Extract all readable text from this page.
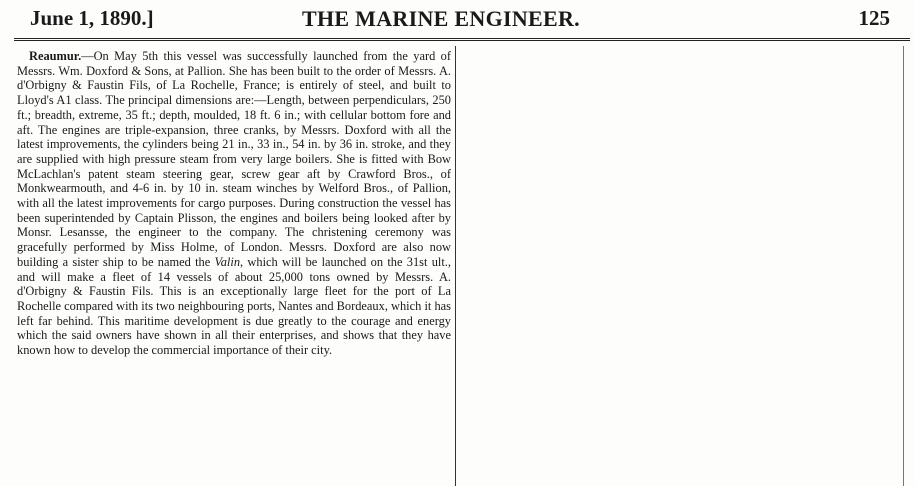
June 1, 1890.]	THE MARINE ENGINEER.	125

Reaumur.—On May 5th this vessel was successfully launched from the yard of Messrs. Wm. Doxford & Sons, at Pallion. She has been built to the order of Messrs. A. d'Orbigny & Faustin Fils, of La Rochelle, France; is entirely of steel, and built to Lloyd's A1 class. The principal dimensions are:—Length, between perpendiculars, 250 ft.; breadth, extreme, 35 ft.; depth, moulded, 18 ft. 6 in.; with cellular bottom fore and aft. The engines are triple-expansion, three cranks, by Messrs. Doxford with all the latest improvements, the cylinders being 21 in., 33 in., 54 in. by 36 in. stroke, and they are supplied with high pressure steam from very large boilers. She is fitted with Bow McLachlan's patent steam steering gear, screw gear aft by Crawford Bros., of Monkwearmouth, and 4-6 in. by 10 in. steam winches by Welford Bros., of Pallion, with all the latest improvements for cargo purposes. During construction the vessel has been superintended by Captain Plisson, the engines and boilers being looked after by Monsr. Lesansse, the engineer to the company. The christening ceremony was gracefully performed by Miss Holme, of London. Messrs. Doxford are also now building a sister ship to be named the Valin, which will be launched on the 31st ult., and will make a fleet of 14 vessels of about 25,000 tons owned by Messrs. A. d'Orbigny & Faustin Fils. This is an exceptionally large fleet for the port of La Rochelle compared with its two neighbouring ports, Nantes and Bordeaux, which it has left far behind. This maritime development is due greatly to the courage and energy which the said owners have shown in all their enterprises, and shows that they have known how to develop the commercial importance of their city.
